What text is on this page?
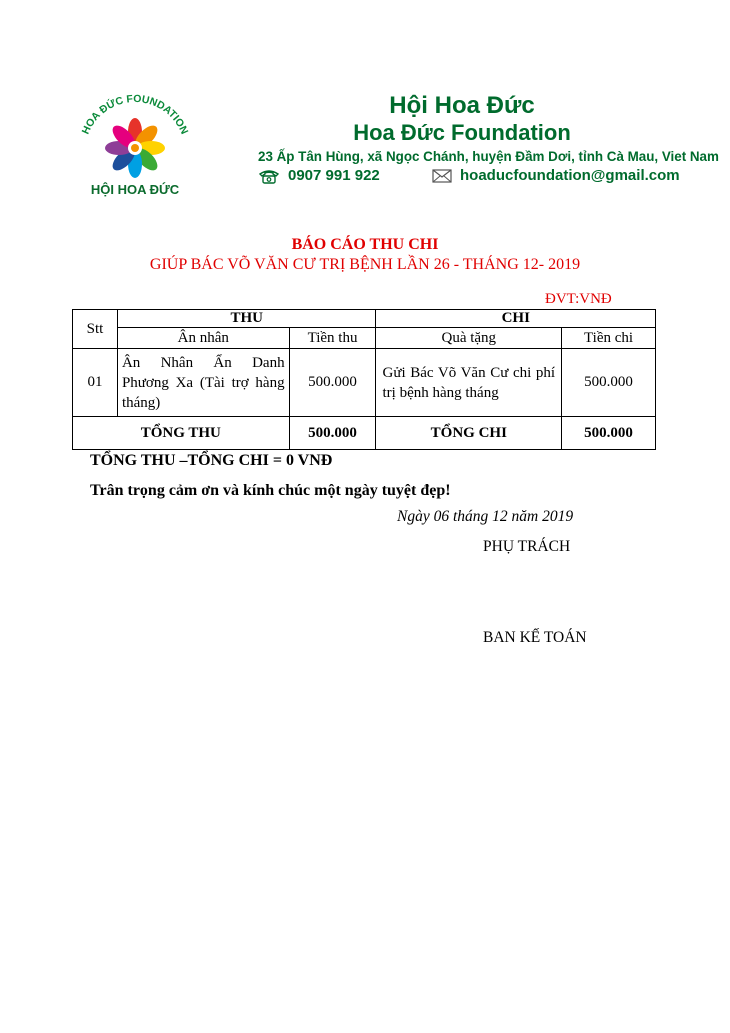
HOA ĐỨC FOUNDATION
HỘI HOA ĐỨC
Hội Hoa Đức
Hoa Đức Foundation
23 Ấp Tân Hùng, xã Ngọc Chánh, huyện Đầm Dơi, tỉnh Cà Mau, Viet Nam
0907 991 922	hoaducfoundation@gmail.com
BÁO CÁO THU CHI
GIÚP BÁC VÕ VĂN CƯ TRỊ BỆNH LẦN 26 - THÁNG 12- 2019
ĐVT:VNĐ
Stt	THU		CHI	
	Ân nhân	Tiền thu	Quà tặng	Tiền chi
01	Ân Nhân Ẩn Danh Phương Xa (Tài trợ hàng tháng)	500.000	Gửi Bác Võ Văn Cư chi phí trị bệnh hàng tháng	500.000
TỔNG THU		500.000	TỔNG CHI	500.000
TỔNG THU –TỔNG CHI = 0 VNĐ
Trân trọng cảm ơn và kính chúc một ngày tuyệt đẹp!
Ngày 06 tháng 12 năm 2019
PHỤ TRÁCH
BAN KẾ TOÁN
